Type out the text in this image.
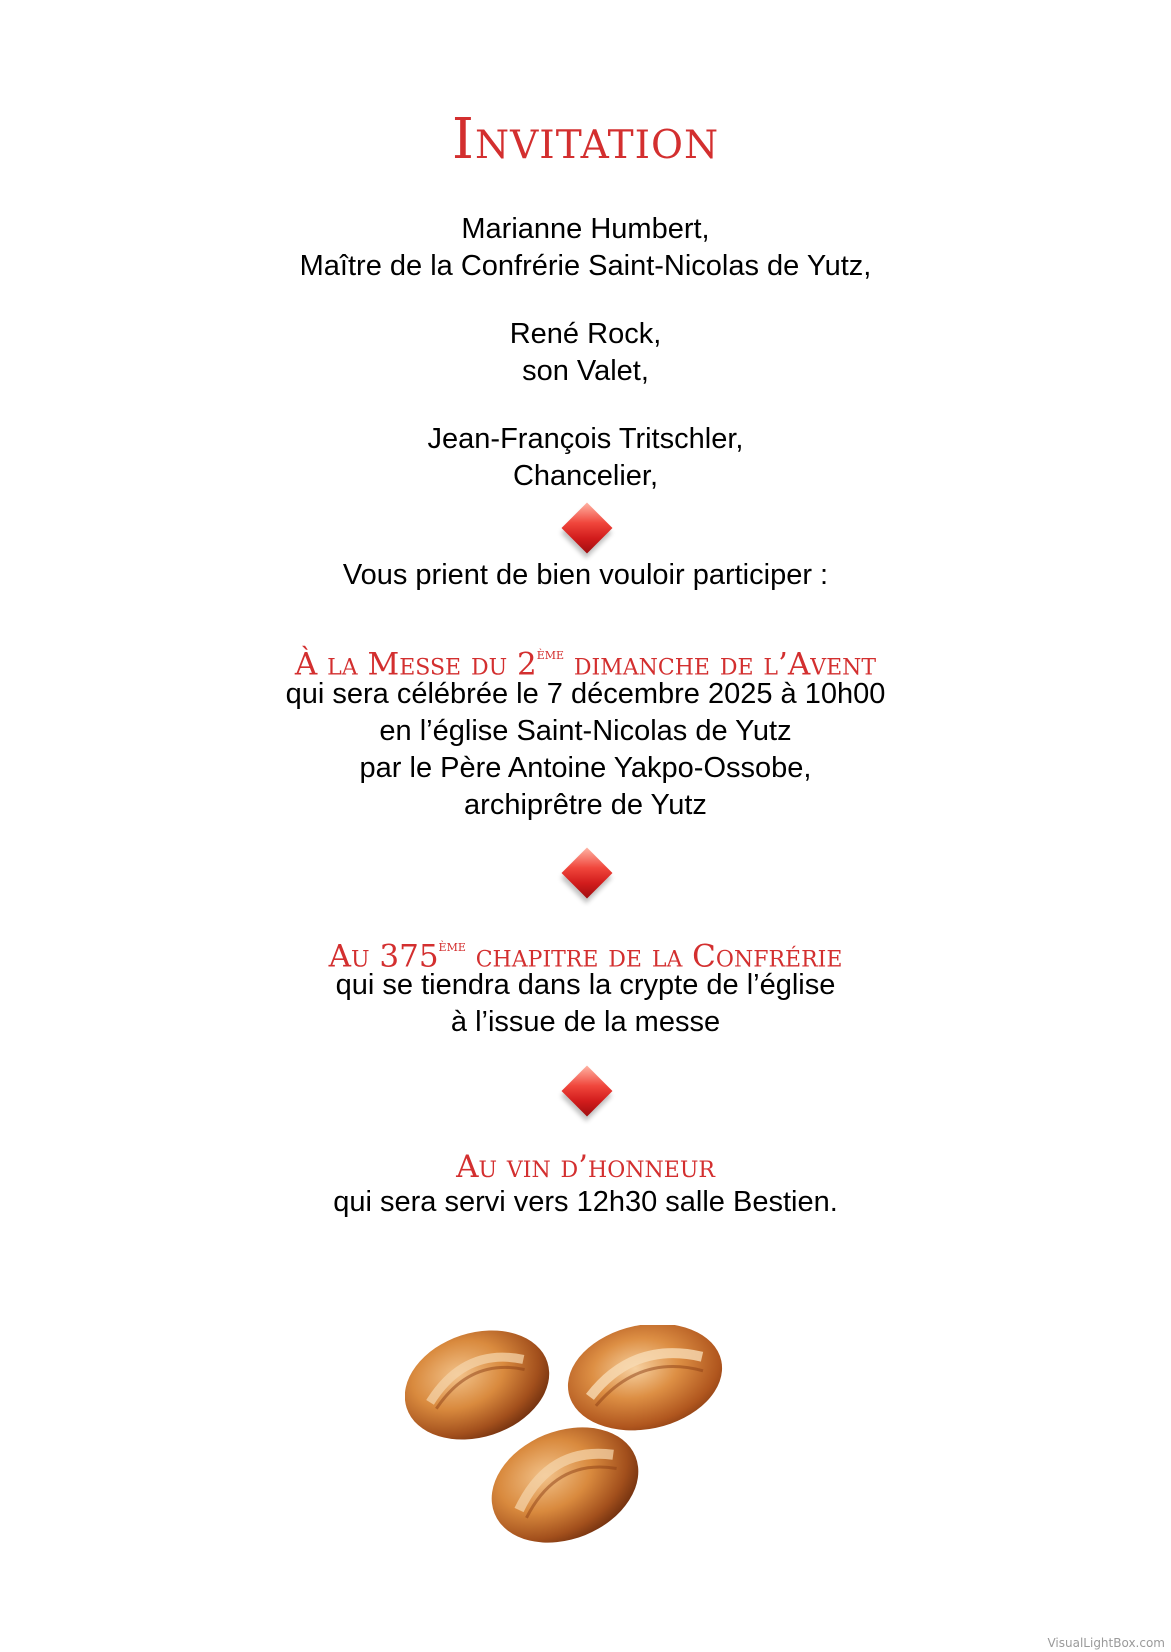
Invitation
Marianne Humbert,
Maître de la Confrérie Saint-Nicolas de Yutz,
René Rock,
son Valet,
Jean-François Tritschler,
Chancelier,
Vous prient de bien vouloir participer :
À la Messe du 2ème dimanche de l’Avent
qui sera célébrée le 7 décembre 2025 à 10h00
en l’église Saint-Nicolas de Yutz
par le Père Antoine Yakpo-Ossobe,
archiprêtre de Yutz
Au 375ème chapitre de la Confrérie
qui se tiendra dans la crypte de l’église
à l’issue de la messe
Au vin d’honneur
qui sera servi vers 12h30 salle Bestien.
VisualLightBox.com
